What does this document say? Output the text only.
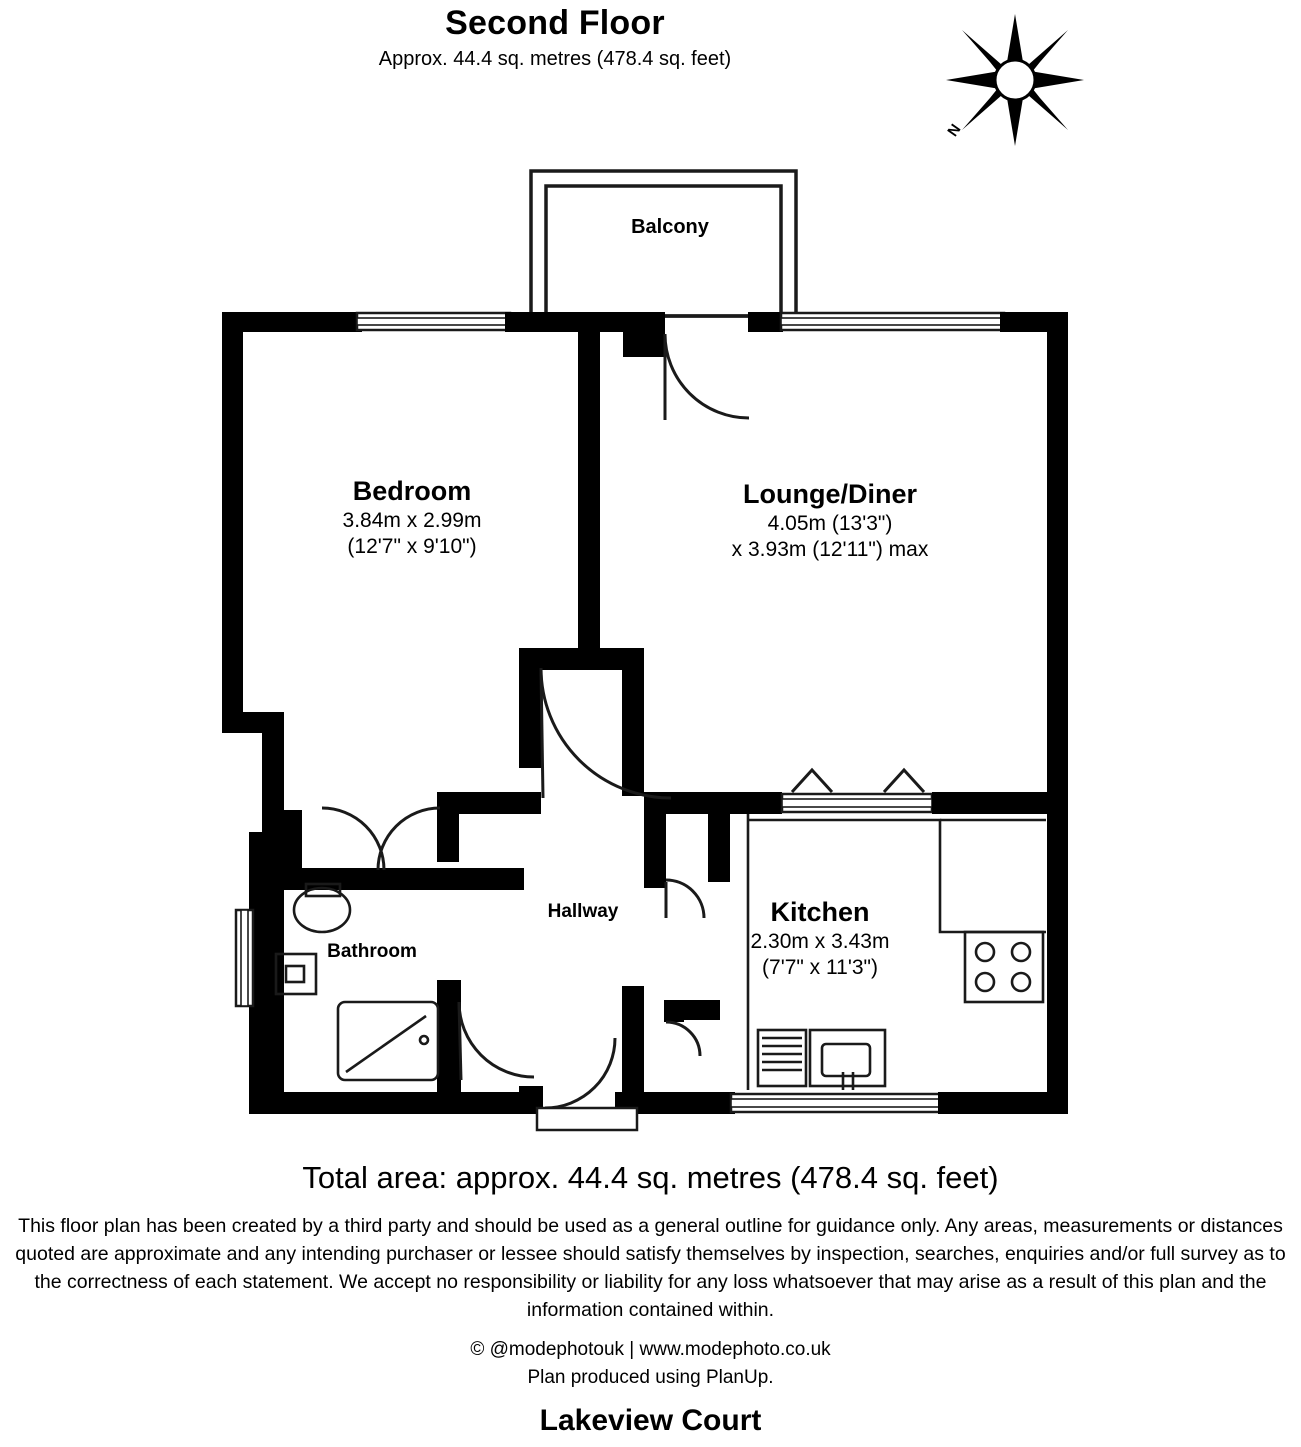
Second Floor
Approx. 44.4 sq. metres (478.4 sq. feet)
N
Balcony
Bedroom
3.84m x 2.99m
(12'7" x 9'10")
Lounge/Diner
4.05m (13'3")
x 3.93m (12'11") max
Hallway
Bathroom
Kitchen
2.30m x 3.43m
(7'7" x 11'3")
Total area: approx. 44.4 sq. metres (478.4 sq. feet)
This floor plan has been created by a third party and should be used as a general outline for guidance only. Any areas, measurements or distances quoted are approximate and any intending purchaser or lessee should satisfy themselves by inspection, searches, enquiries and/or full survey as to the correctness of each statement. We accept no responsibility or liability for any loss whatsoever that may arise as a result of this plan and the information contained within.
© @modephotouk | www.modephoto.co.uk
Plan produced using PlanUp.
Lakeview Court
